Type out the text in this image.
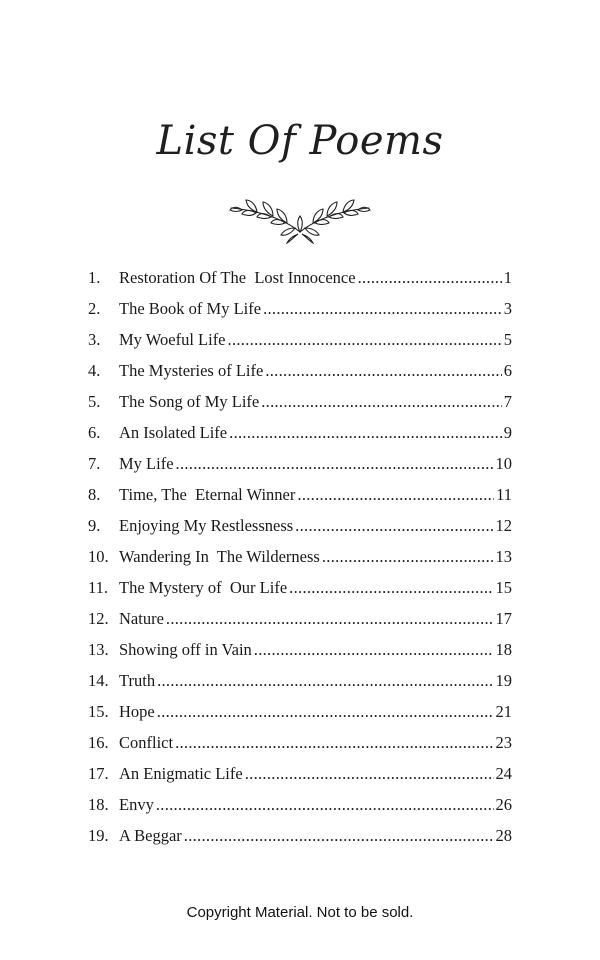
List Of Poems
1.	Restoration Of The  Lost Innocence .....	1
2.	The Book of My Life .....	3
3.	My Woeful Life .....	5
4.	The Mysteries of Life .....	6
5.	The Song of My Life .....	7
6.	An Isolated Life .....	9
7.	My Life .....	10
8.	Time, The  Eternal Winner .....	11
9.	Enjoying My Restlessness .....	12
10. Wandering In  The Wilderness .....	13
11. The Mystery of  Our Life .....	15
12. Nature .....	17
13. Showing off in Vain .....	18
14. Truth .....	19
15. Hope .....	21
16. Conflict .....	23
17. An Enigmatic Life .....	24
18. Envy .....	26
19. A Beggar .....	28
Copyright Material. Not to be sold.
